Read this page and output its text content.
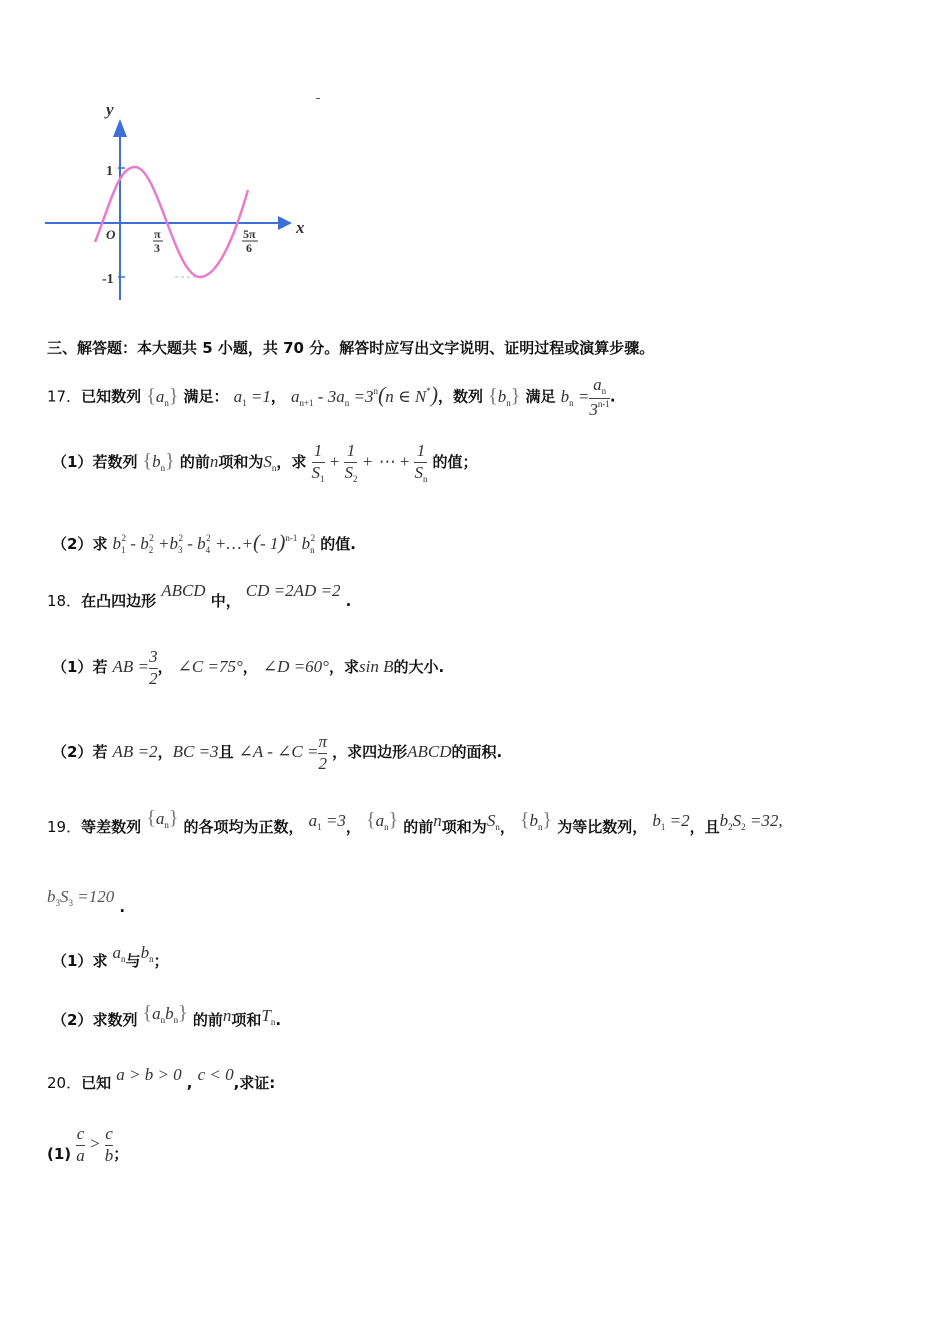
y
x
O
1
-1
π
3
5π
6
三、解答题：本大题共 5 小题，共 70 分。解答时应写出文字说明、证明过程或演算步骤。
17．已知数列 $\{a_n\}$ 满足： $a_1 =1$， $a_{n+1} - 3a_n =3^n(n$ ∈ N*)，数列 $\{b_n\}$ 满足 $b_n = \frac{a_n}{3^{n-1}}$ .
（1）若数列 $\{b_n\}$ 的前n项和为$S_n$，求 $\frac{1}{S_1} + \frac{1}{S_2}$ + ⋯ + $\frac{1}{S_n}$ 的值；
（2）求 $b_1^2 - b_2^2 +b_3^2 - b_4^2$ +…+(- 1)$^{n-1}$ $b_n^2$ 的值.
18．在凸四边形 ABCD 中， CD =2AD =2 .
（1）若 AB = $\frac{3}{2}$ ， ∠C =75°， ∠D =60°，求sin B的大小.
（2）若 AB =2，BC =3且 ∠A - ∠C = $\frac{\pi}{2}$ ，求四边形ABCD的面积.
19．等差数列 $\{a_n\}$ 的各项均为正数， $a_1 =3$， $\{a_n\}$ 的前n项和为$S_n$， $\{b_n\}$ 为等比数列， $b_1 =2$，且$b_2S_2 =32$,
$b_3S_3 =120$ .
（1）求 $a_n$与$b_n$；
（2）求数列 $\{a_nb_n\}$ 的前n项和$T_n$.
20．已知 a > b > 0 , c < 0,求证:
$(1) \frac{c}{a} > \frac{c}{b}$ ；
